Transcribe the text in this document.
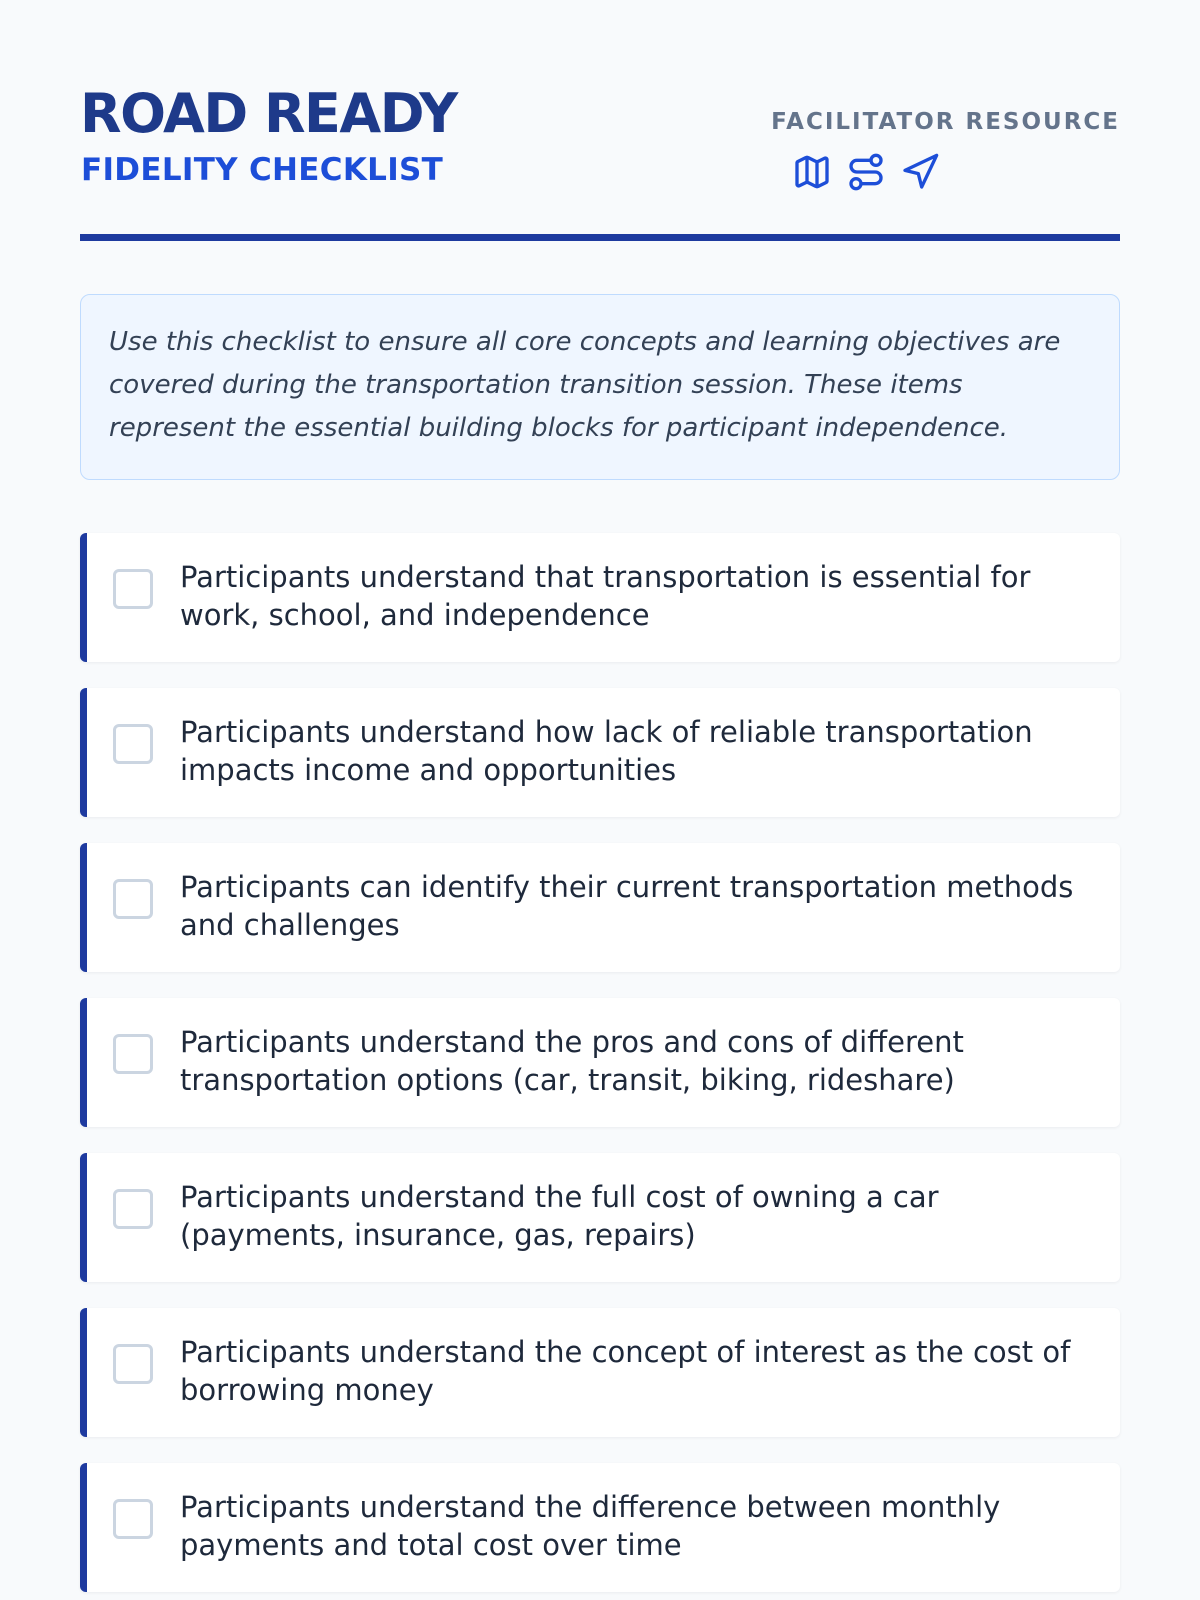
ROAD READY
FIDELITY CHECKLIST
FACILITATOR RESOURCE

Use this checklist to ensure all core concepts and learning objectives are covered during the transportation transition session. These items represent the essential building blocks for participant independence.

Participants understand that transportation is essential for work, school, and independence
Participants understand how lack of reliable transportation impacts income and opportunities
Participants can identify their current transportation methods and challenges
Participants understand the pros and cons of different transportation options (car, transit, biking, rideshare)
Participants understand the full cost of owning a car (payments, insurance, gas, repairs)
Participants understand the concept of interest as the cost of borrowing money
Participants understand the difference between monthly payments and total cost over time
